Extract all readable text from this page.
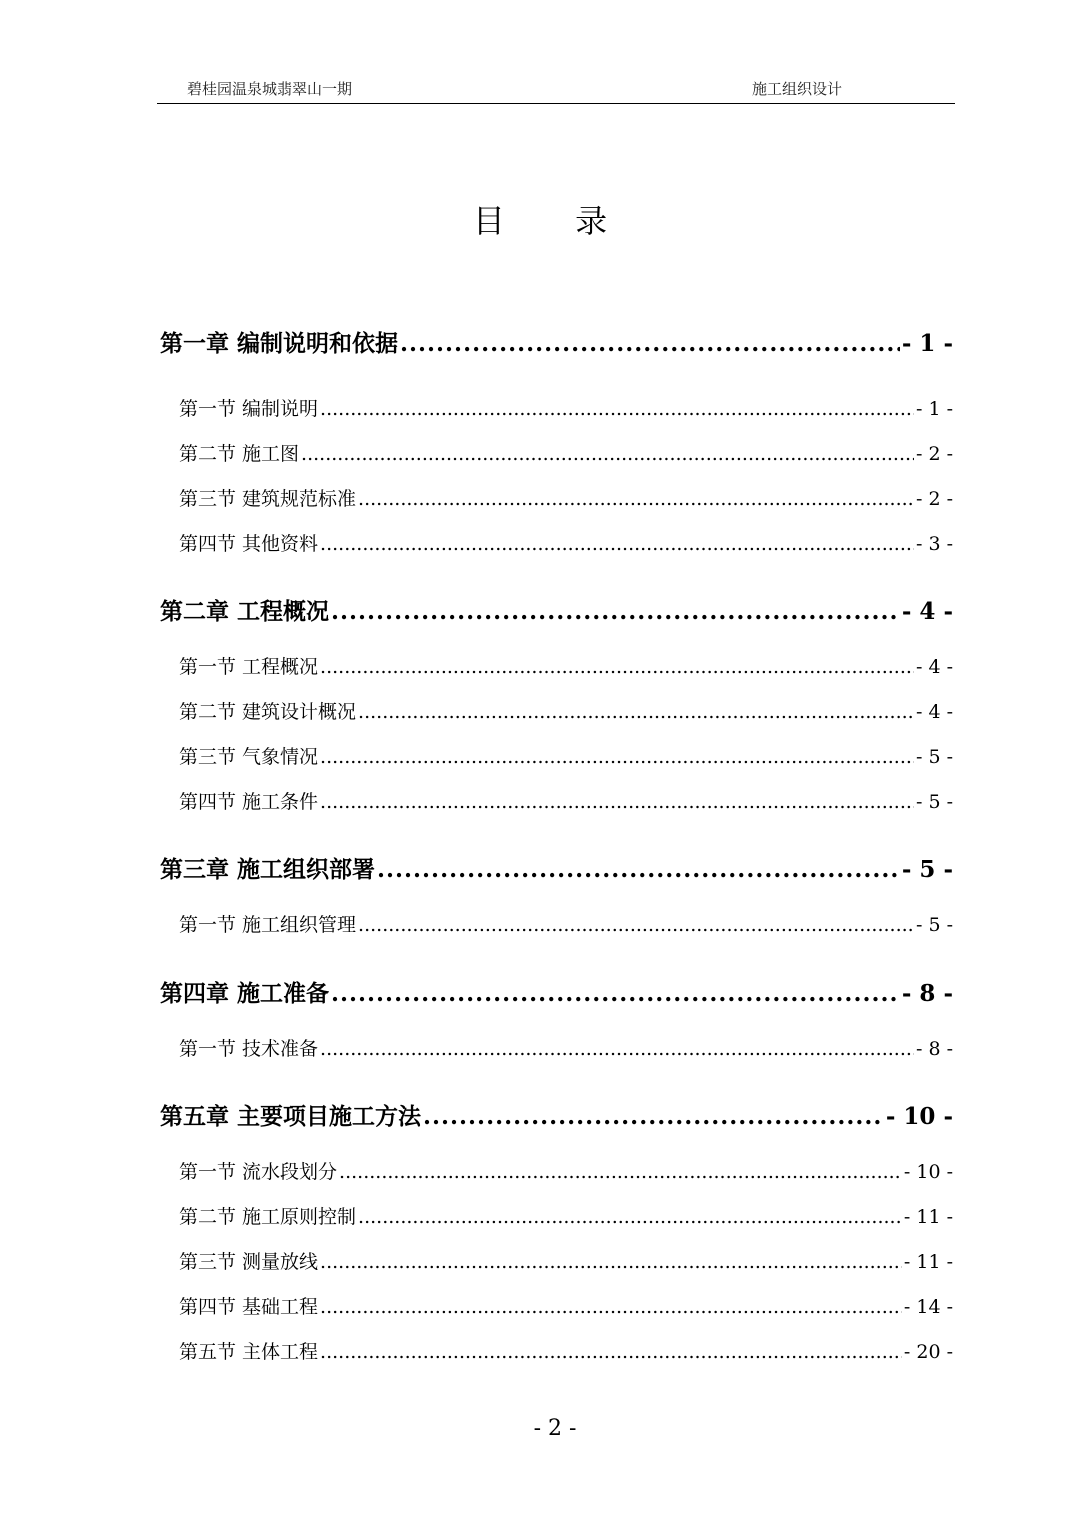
碧桂园温泉城翡翠山一期	施工组织设计
目 录
第一章 编制说明和依据 .....	- 1 -
第一节 编制说明 .....	- 1 -
第二节 施工图 .....	- 2 -
第三节 建筑规范标准 .....	- 2 -
第四节 其他资料 .....	- 3 -
第二章 工程概况 .....	- 4 -
第一节 工程概况 .....	- 4 -
第二节 建筑设计概况 .....	- 4 -
第三节 气象情况 .....	- 5 -
第四节 施工条件 .....	- 5 -
第三章 施工组织部署 .....	- 5 -
第一节 施工组织管理 .....	- 5 -
第四章 施工准备 .....	- 8 -
第一节 技术准备 .....	- 8 -
第五章 主要项目施工方法 .....	- 10 -
第一节 流水段划分 .....	- 10 -
第二节 施工原则控制 .....	- 11 -
第三节 测量放线 .....	- 11 -
第四节 基础工程 .....	- 14 -
第五节 主体工程 .....	- 20 -
- 2 -
